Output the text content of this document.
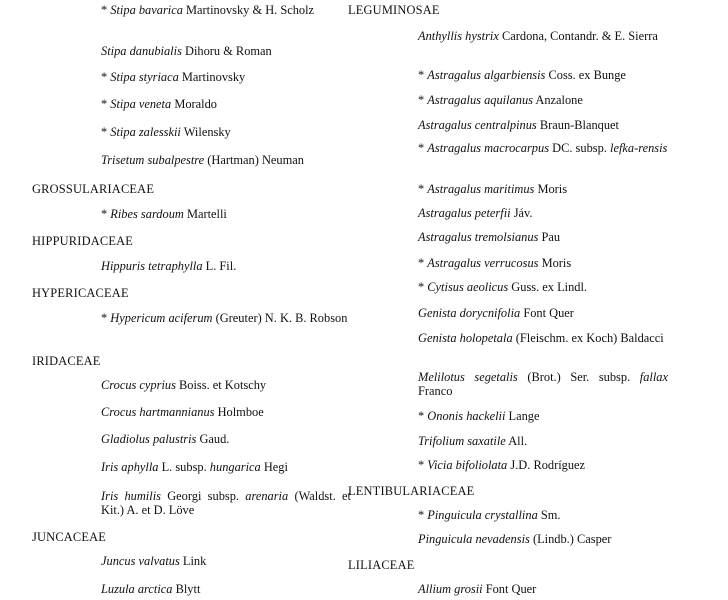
* Stipa bavarica Martinovsky & H. Scholz
Stipa danubialis Dihoru & Roman
* Stipa styriaca Martinovsky
* Stipa veneta Moraldo
* Stipa zalesskii Wilensky
Trisetum subalpestre (Hartman) Neuman
GROSSULARIACEAE
* Ribes sardoum Martelli
HIPPURIDACEAE
Hippuris tetraphylla L. Fil.
HYPERICACEAE
* Hypericum aciferum (Greuter) N. K. B. Robson
IRIDACEAE
Crocus cyprius Boiss. et Kotschy
Crocus hartmannianus Holmboe
Gladiolus palustris Gaud.
Iris aphylla L. subsp. hungarica Hegi
Iris humilis Georgi subsp. arenaria (Waldst. et Kit.) A. et D. Löve
JUNCACEAE
Juncus valvatus Link
Luzula arctica Blytt
LEGUMINOSAE
Anthyllis hystrix Cardona, Contandr. & E. Sierra
* Astragalus algarbiensis Coss. ex Bunge
* Astragalus aquilanus Anzalone
Astragalus centralpinus Braun-Blanquet
* Astragalus macrocarpus DC. subsp. lefka-rensis
* Astragalus maritimus Moris
Astragalus peterfii Jáv.
Astragalus tremolsianus Pau
* Astragalus verrucosus Moris
* Cytisus aeolicus Guss. ex Lindl.
Genista dorycnifolia Font Quer
Genista holopetala (Fleischm. ex Koch) Baldacci
Melilotus segetalis (Brot.) Ser. subsp. fallax Franco
* Ononis hackelii Lange
Trifolium saxatile All.
* Vicia bifoliolata J.D. Rodríguez
LENTIBULARIACEAE
* Pinguicula crystallina Sm.
Pinguicula nevadensis (Lindb.) Casper
LILIACEAE
Allium grosii Font Quer
